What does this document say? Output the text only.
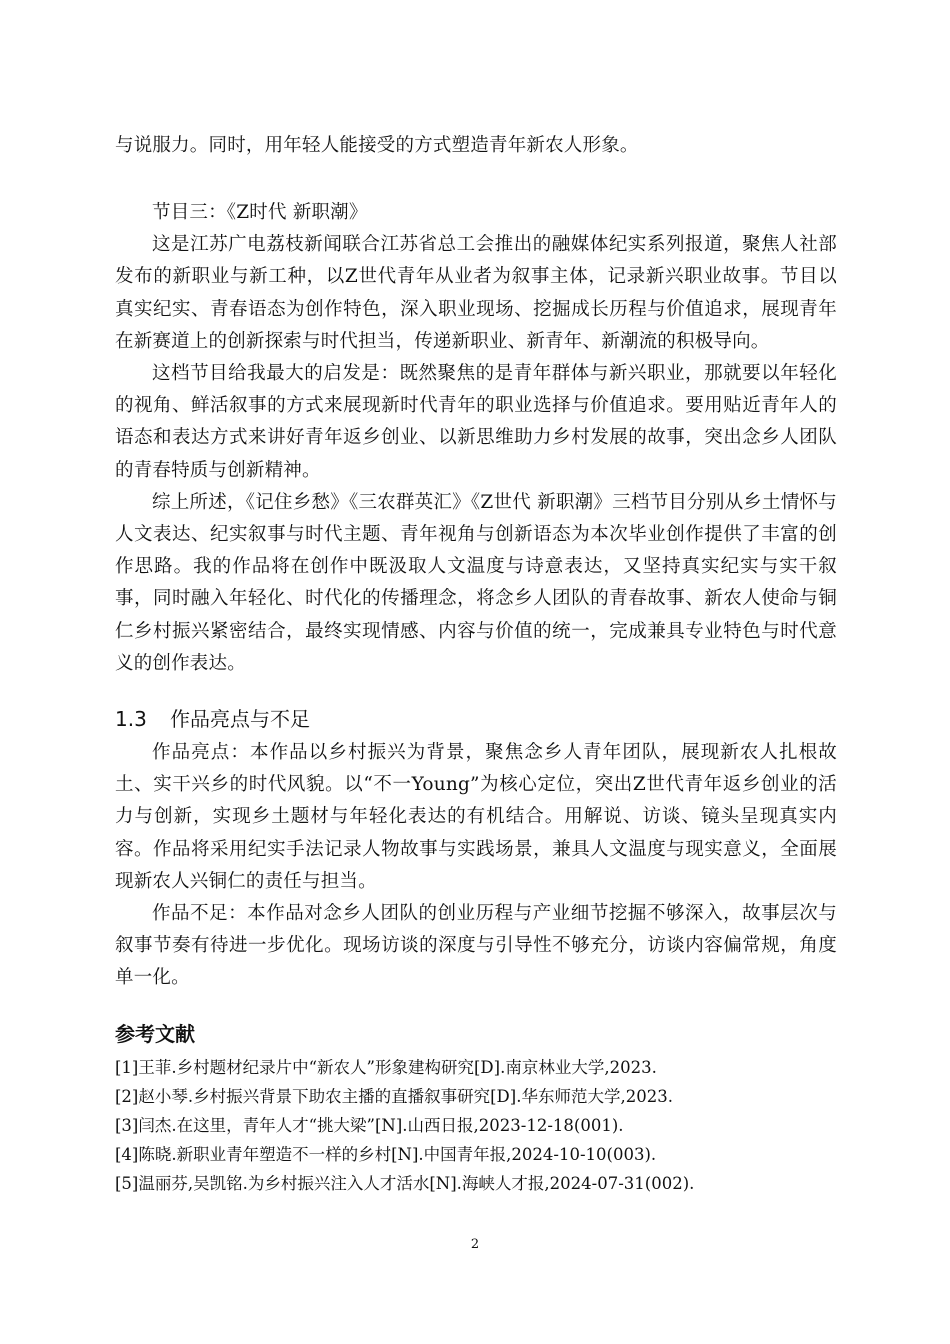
与说服力。同时，用年轻人能接受的方式塑造青年新农人形象。

节目三：《Z时代 新职潮》

这是江苏广电荔枝新闻联合江苏省总工会推出的融媒体纪实系列报道，聚焦人社部发布的新职业与新工种，以Z世代青年从业者为叙事主体，记录新兴职业故事。节目以真实纪实、青春语态为创作特色，深入职业现场、挖掘成长历程与价值追求，展现青年在新赛道上的创新探索与时代担当，传递新职业、新青年、新潮流的积极导向。

这档节目给我最大的启发是：既然聚焦的是青年群体与新兴职业，那就要以年轻化的视角、鲜活叙事的方式来展现新时代青年的职业选择与价值追求。要用贴近青年人的语态和表达方式来讲好青年返乡创业、以新思维助力乡村发展的故事，突出念乡人团队的青春特质与创新精神。

综上所述，《记住乡愁》《三农群英汇》《Z世代 新职潮》三档节目分别从乡土情怀与人文表达、纪实叙事与时代主题、青年视角与创新语态为本次毕业创作提供了丰富的创作思路。我的作品将在创作中既汲取人文温度与诗意表达，又坚持真实纪实与实干叙事，同时融入年轻化、时代化的传播理念，将念乡人团队的青春故事、新农人使命与铜仁乡村振兴紧密结合，最终实现情感、内容与价值的统一，完成兼具专业特色与时代意义的创作表达。

1.3 作品亮点与不足

作品亮点：本作品以乡村振兴为背景，聚焦念乡人青年团队，展现新农人扎根故土、实干兴乡的时代风貌。以“不一Young”为核心定位，突出Z世代青年返乡创业的活力与创新，实现乡土题材与年轻化表达的有机结合。用解说、访谈、镜头呈现真实内容。作品将采用纪实手法记录人物故事与实践场景，兼具人文温度与现实意义，全面展现新农人兴铜仁的责任与担当。

作品不足：本作品对念乡人团队的创业历程与产业细节挖掘不够深入，故事层次与叙事节奏有待进一步优化。现场访谈的深度与引导性不够充分，访谈内容偏常规，角度单一化。

参考文献
[1]王菲.乡村题材纪录片中“新农人”形象建构研究[D].南京林业大学,2023.
[2]赵小琴.乡村振兴背景下助农主播的直播叙事研究[D].华东师范大学,2023.
[3]闫杰.在这里，青年人才“挑大梁”[N].山西日报,2023-12-18(001).
[4]陈晓.新职业青年塑造不一样的乡村[N].中国青年报,2024-10-10(003).
[5]温丽芬,吴凯铭.为乡村振兴注入人才活水[N].海峡人才报,2024-07-31(002).
2
